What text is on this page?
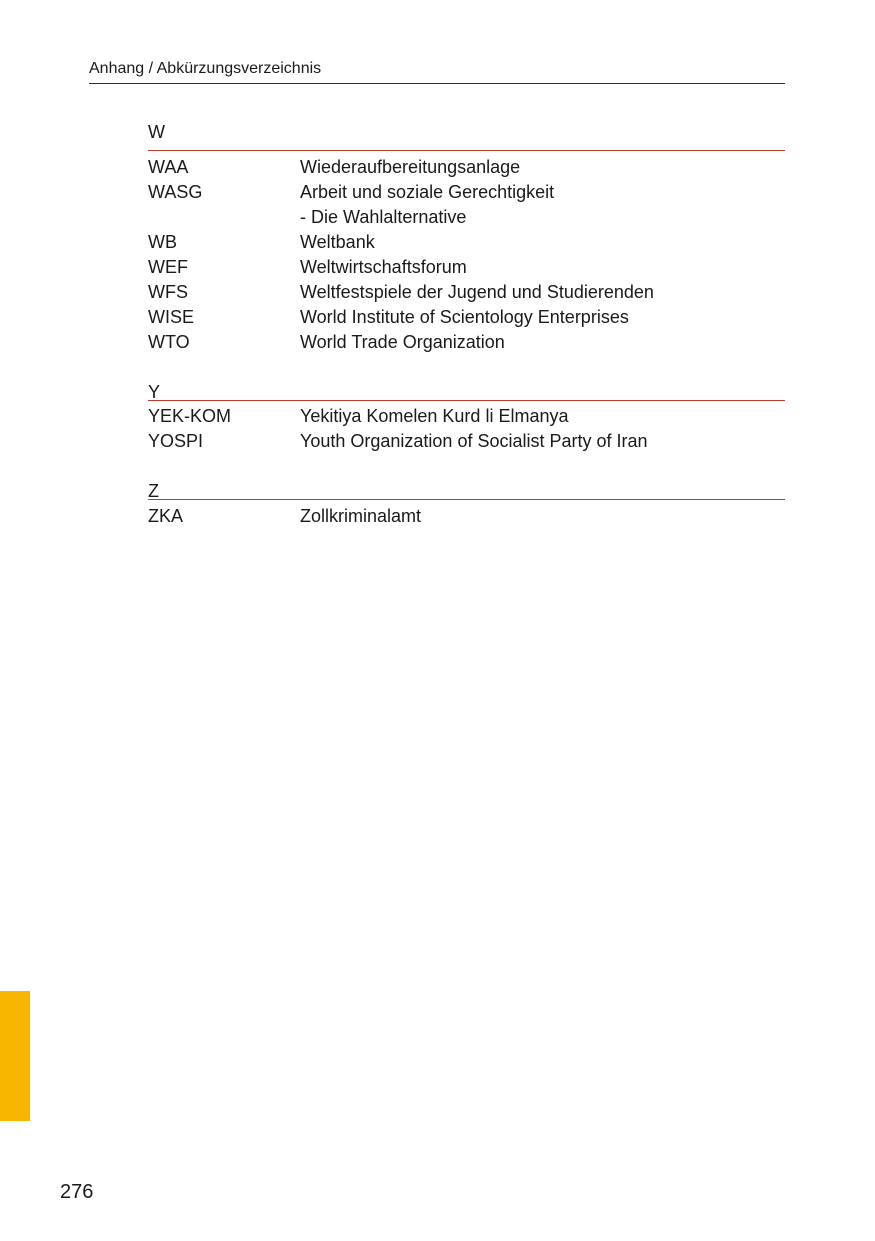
Anhang / Abkürzungsverzeichnis
W
WAA	Wiederaufbereitungsanlage
WASG	Arbeit und soziale Gerechtigkeit
- Die Wahlalternative
WB	Weltbank
WEF	Weltwirtschaftsforum
WFS	Weltfestspiele der Jugend und Studierenden
WISE	World Institute of Scientology Enterprises
WTO	World Trade Organization
Y
YEK-KOM	Yekitiya Komelen Kurd li Elmanya
YOSPI	Youth Organization of Socialist Party of Iran
Z
ZKA	Zollkriminalamt
276
